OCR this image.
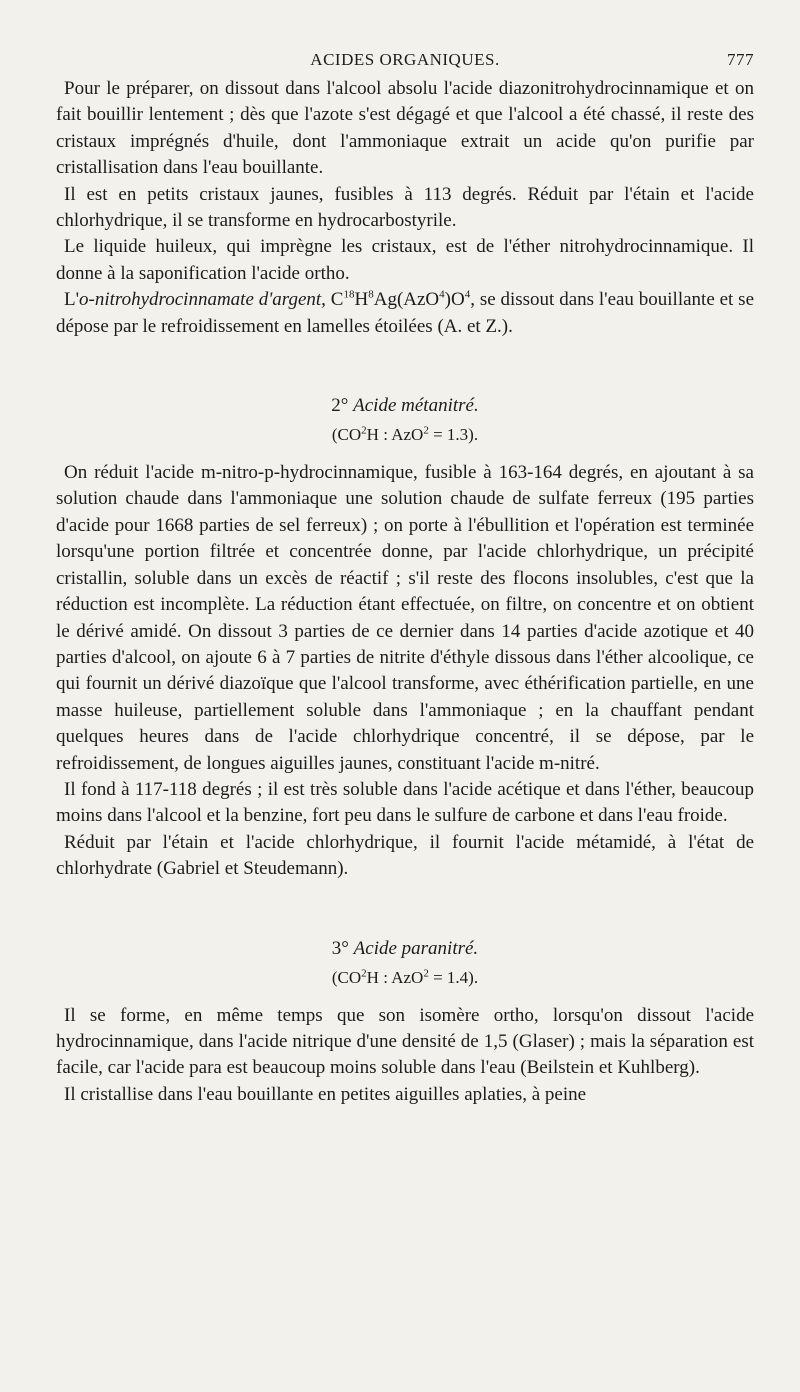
ACIDES ORGANIQUES.	777

Pour le préparer, on dissout dans l'alcool absolu l'acide diazonitrohydrocinnamique et on fait bouillir lentement ; dès que l'azote s'est dégagé et que l'alcool a été chassé, il reste des cristaux imprégnés d'huile, dont l'ammoniaque extrait un acide qu'on purifie par cristallisation dans l'eau bouillante.

Il est en petits cristaux jaunes, fusibles à 113 degrés. Réduit par l'étain et l'acide chlorhydrique, il se transforme en hydrocarbostyrile.

Le liquide huileux, qui imprègne les cristaux, est de l'éther nitrohydrocinnamique. Il donne à la saponification l'acide ortho.

L'o-nitrohydrocinnamate d'argent, $C^{18}H^8Ag(AzO^4)O^4$, se dissout dans l'eau bouillante et se dépose par le refroidissement en lamelles étoilées (A. et Z.).

2° Acide métanitré.
($CO^2H$ : AzO$^2$ = 1.3).

On réduit l'acide m-nitro-p-hydrocinnamique, fusible à 163-164 degrés, en ajoutant à sa solution chaude dans l'ammoniaque une solution chaude de sulfate ferreux (195 parties d'acide pour 1668 parties de sel ferreux) ; on porte à l'ébullition et l'opération est terminée lorsqu'une portion filtrée et concentrée donne, par l'acide chlorhydrique, un précipité cristallin, soluble dans un excès de réactif ; s'il reste des flocons insolubles, c'est que la réduction est incomplète. La réduction étant effectuée, on filtre, on concentre et on obtient le dérivé amidé. On dissout 3 parties de ce dernier dans 14 parties d'acide azotique et 40 parties d'alcool, on ajoute 6 à 7 parties de nitrite d'éthyle dissous dans l'éther alcoolique, ce qui fournit un dérivé diazoïque que l'alcool transforme, avec éthérification partielle, en une masse huileuse, partiellement soluble dans l'ammoniaque ; en la chauffant pendant quelques heures dans de l'acide chlorhydrique concentré, il se dépose, par le refroidissement, de longues aiguilles jaunes, constituant l'acide m-nitré.

Il fond à 117-118 degrés ; il est très soluble dans l'acide acétique et dans l'éther, beaucoup moins dans l'alcool et la benzine, fort peu dans le sulfure de carbone et dans l'eau froide.

Réduit par l'étain et l'acide chlorhydrique, il fournit l'acide métamidé, à l'état de chlorhydrate (Gabriel et Steudemann).

3° Acide paranitré.
($CO^2H$ : AzO$^2$ = 1.4).

Il se forme, en même temps que son isomère ortho, lorsqu'on dissout l'acide hydrocinnamique, dans l'acide nitrique d'une densité de 1,5 (Glaser) ; mais la séparation est facile, car l'acide para est beaucoup moins soluble dans l'eau (Beilstein et Kuhlberg).

Il cristallise dans l'eau bouillante en petites aiguilles aplaties, à peine
